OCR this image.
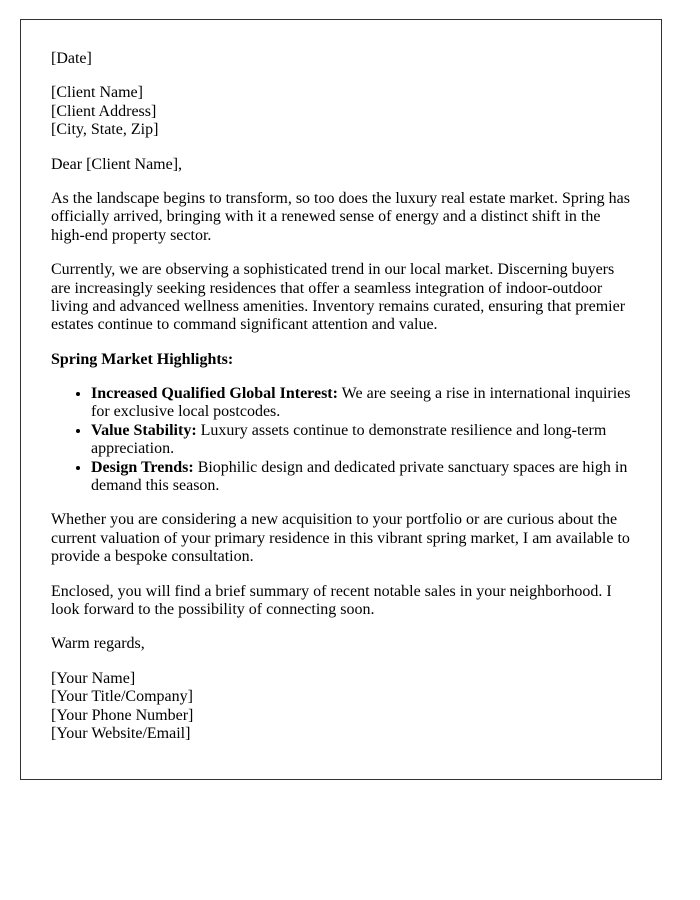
[Date]

[Client Name]
[Client Address]
[City, State, Zip]

Dear [Client Name],

As the landscape begins to transform, so too does the luxury real estate market. Spring has officially arrived, bringing with it a renewed sense of energy and a distinct shift in the high-end property sector.

Currently, we are observing a sophisticated trend in our local market. Discerning buyers are increasingly seeking residences that offer a seamless integration of indoor-outdoor living and advanced wellness amenities. Inventory remains curated, ensuring that premier estates continue to command significant attention and value.

Spring Market Highlights:

• Increased Qualified Global Interest: We are seeing a rise in international inquiries for exclusive local postcodes.
• Value Stability: Luxury assets continue to demonstrate resilience and long-term appreciation.
• Design Trends: Biophilic design and dedicated private sanctuary spaces are high in demand this season.

Whether you are considering a new acquisition to your portfolio or are curious about the current valuation of your primary residence in this vibrant spring market, I am available to provide a bespoke consultation.

Enclosed, you will find a brief summary of recent notable sales in your neighborhood. I look forward to the possibility of connecting soon.

Warm regards,

[Your Name]
[Your Title/Company]
[Your Phone Number]
[Your Website/Email]
